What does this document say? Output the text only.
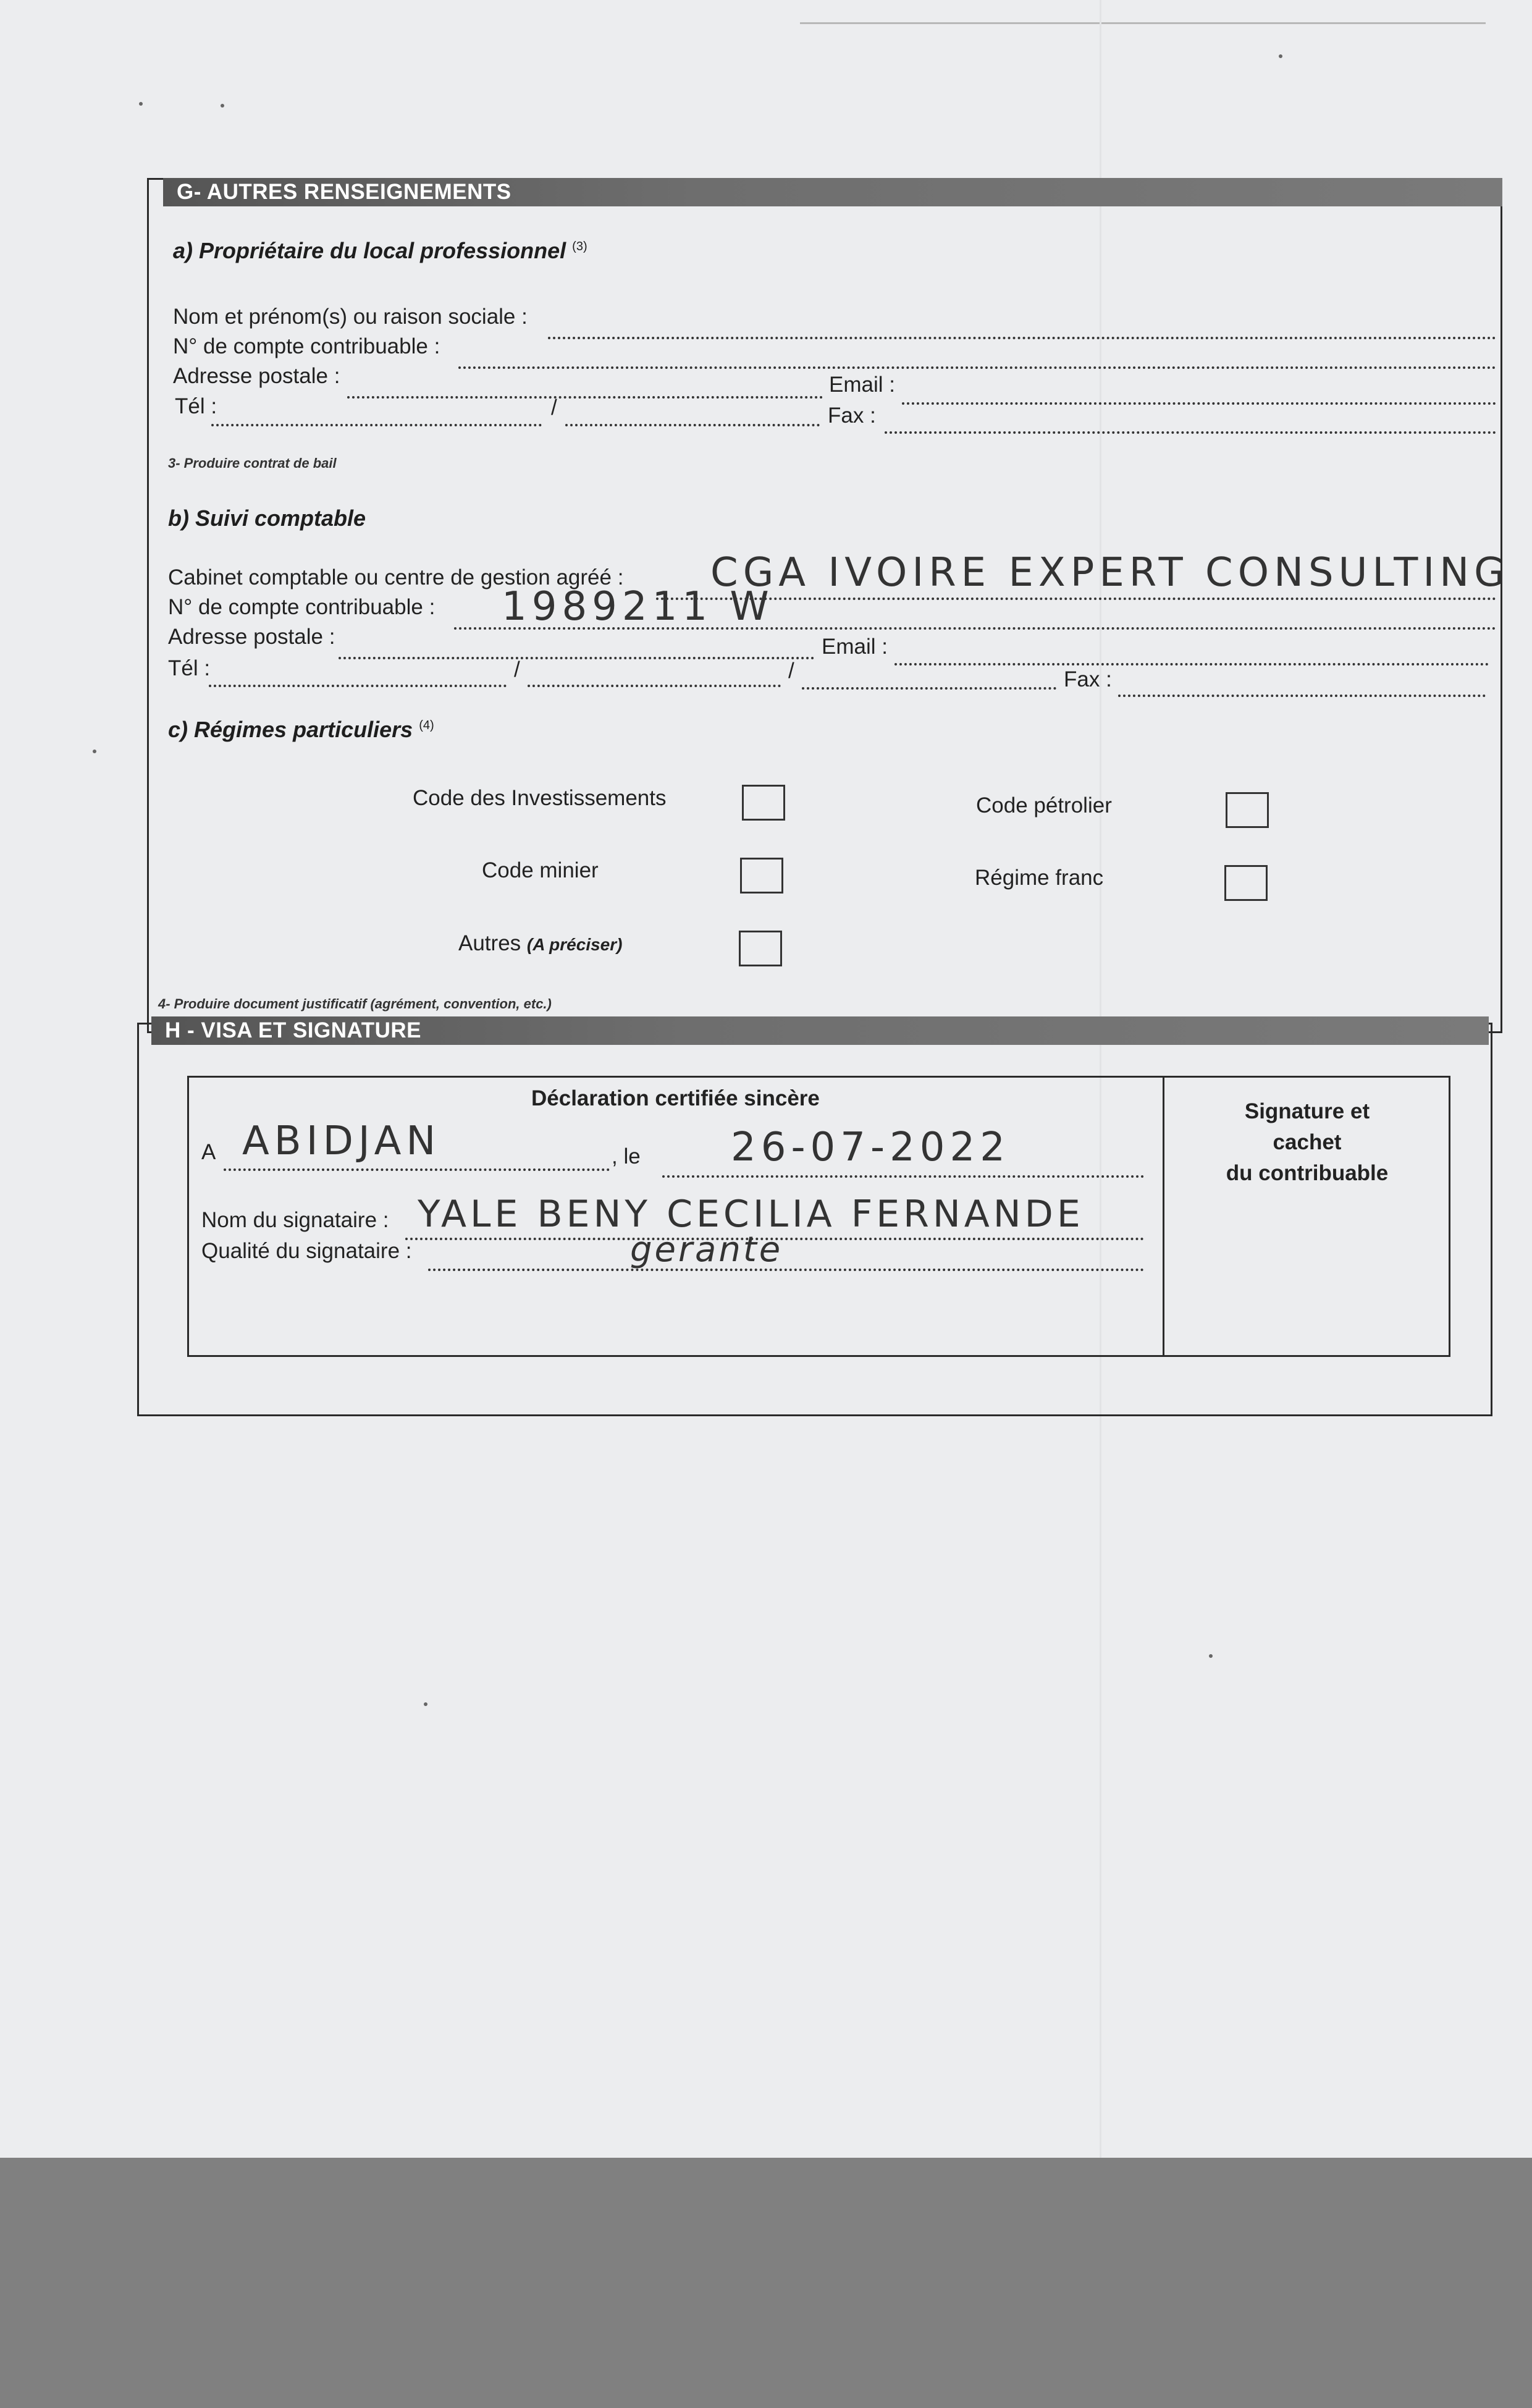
G- AUTRES RENSEIGNEMENTS
a) Propriétaire du local professionnel $^{(3)}$
Nom et prénom(s) ou raison sociale :
N° de compte contribuable :
Adresse postale :	Email :
Tél :	/	Fax :
3- Produire contrat de bail
b) Suivi comptable
Cabinet comptable ou centre de gestion agréé : CGA IVOIRE EXPERT CONSULTING
N° de compte contribuable : 1989211 W
Adresse postale :	Email :
Tél :	/	/	Fax :
c) Régimes particuliers $^{(4)}$
Code des Investissements	Code pétrolier
Code minier	Régime franc
Autres (A préciser)
4- Produire document justificatif (agrément, convention, etc.)
H - VISA ET SIGNATURE
Déclaration certifiée sincère
Signature et cachet
du contribuable
A ABIDJAN	, le 26-07-2022
Nom du signataire : YALE BENY CECILIA FERNANDE
Qualité du signataire :	gerante
